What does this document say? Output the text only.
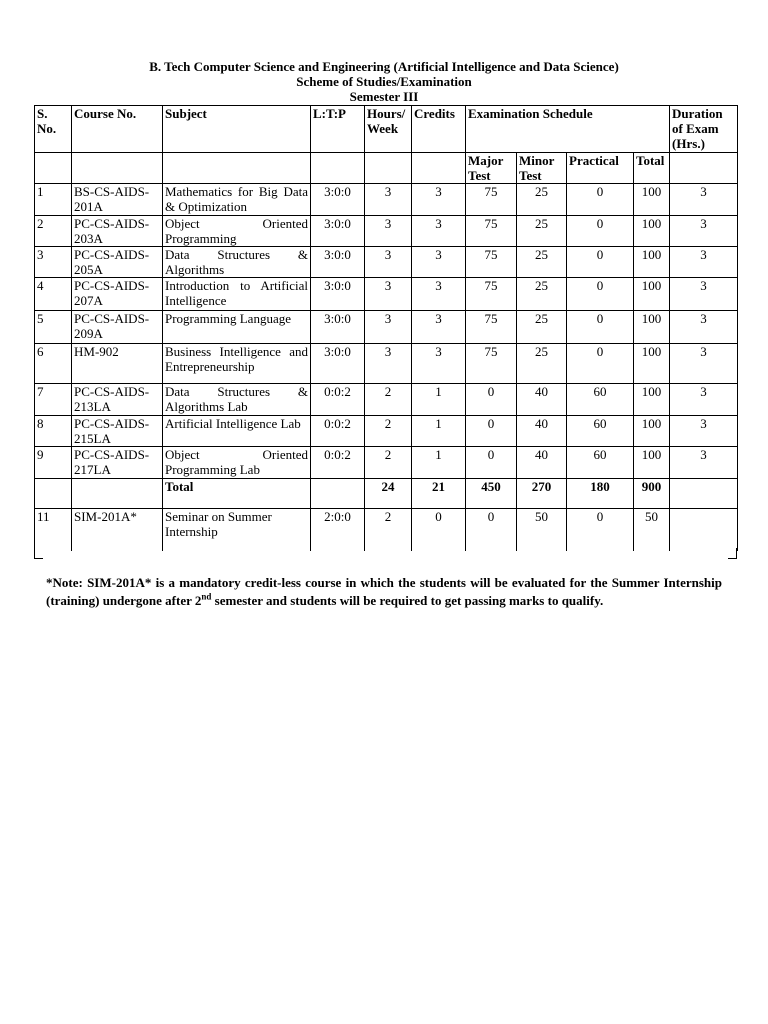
B. Tech Computer Science and Engineering (Artificial Intelligence and Data Science)
Scheme of Studies/Examination
Semester III
S. No.	Course No.	Subject	L:T:P	Hours/ Week	Credits	Examination Schedule				Duration of Exam (Hrs.)
						Major Test	Minor Test	Practical	Total	
1	BS-CS-AIDS-201A	Mathematics for Big Data & Optimization	3:0:0	3	3	75	25	0	100	3
2	PC-CS-AIDS-203A	Object Oriented Programming	3:0:0	3	3	75	25	0	100	3
3	PC-CS-AIDS-205A	Data Structures & Algorithms	3:0:0	3	3	75	25	0	100	3
4	PC-CS-AIDS-207A	Introduction to Artificial Intelligence	3:0:0	3	3	75	25	0	100	3
5	PC-CS-AIDS-209A	Programming Language	3:0:0	3	3	75	25	0	100	3
6	HM-902	Business Intelligence and Entrepreneurship	3:0:0	3	3	75	25	0	100	3
7	PC-CS-AIDS-213LA	Data Structures & Algorithms Lab	0:0:2	2	1	0	40	60	100	3
8	PC-CS-AIDS-215LA	Artificial Intelligence Lab	0:0:2	2	1	0	40	60	100	3
9	PC-CS-AIDS-217LA	Object Oriented Programming Lab	0:0:2	2	1	0	40	60	100	3
		Total		24	21	450	270	180	900	
11	SIM-201A*	Seminar on Summer Internship	2:0:0	2	0	0	50	0	50	
*Note: SIM-201A* is a mandatory credit-less course in which the students will be evaluated for the Summer Internship (training) undergone after 2nd semester and students will be required to get passing marks to qualify.
